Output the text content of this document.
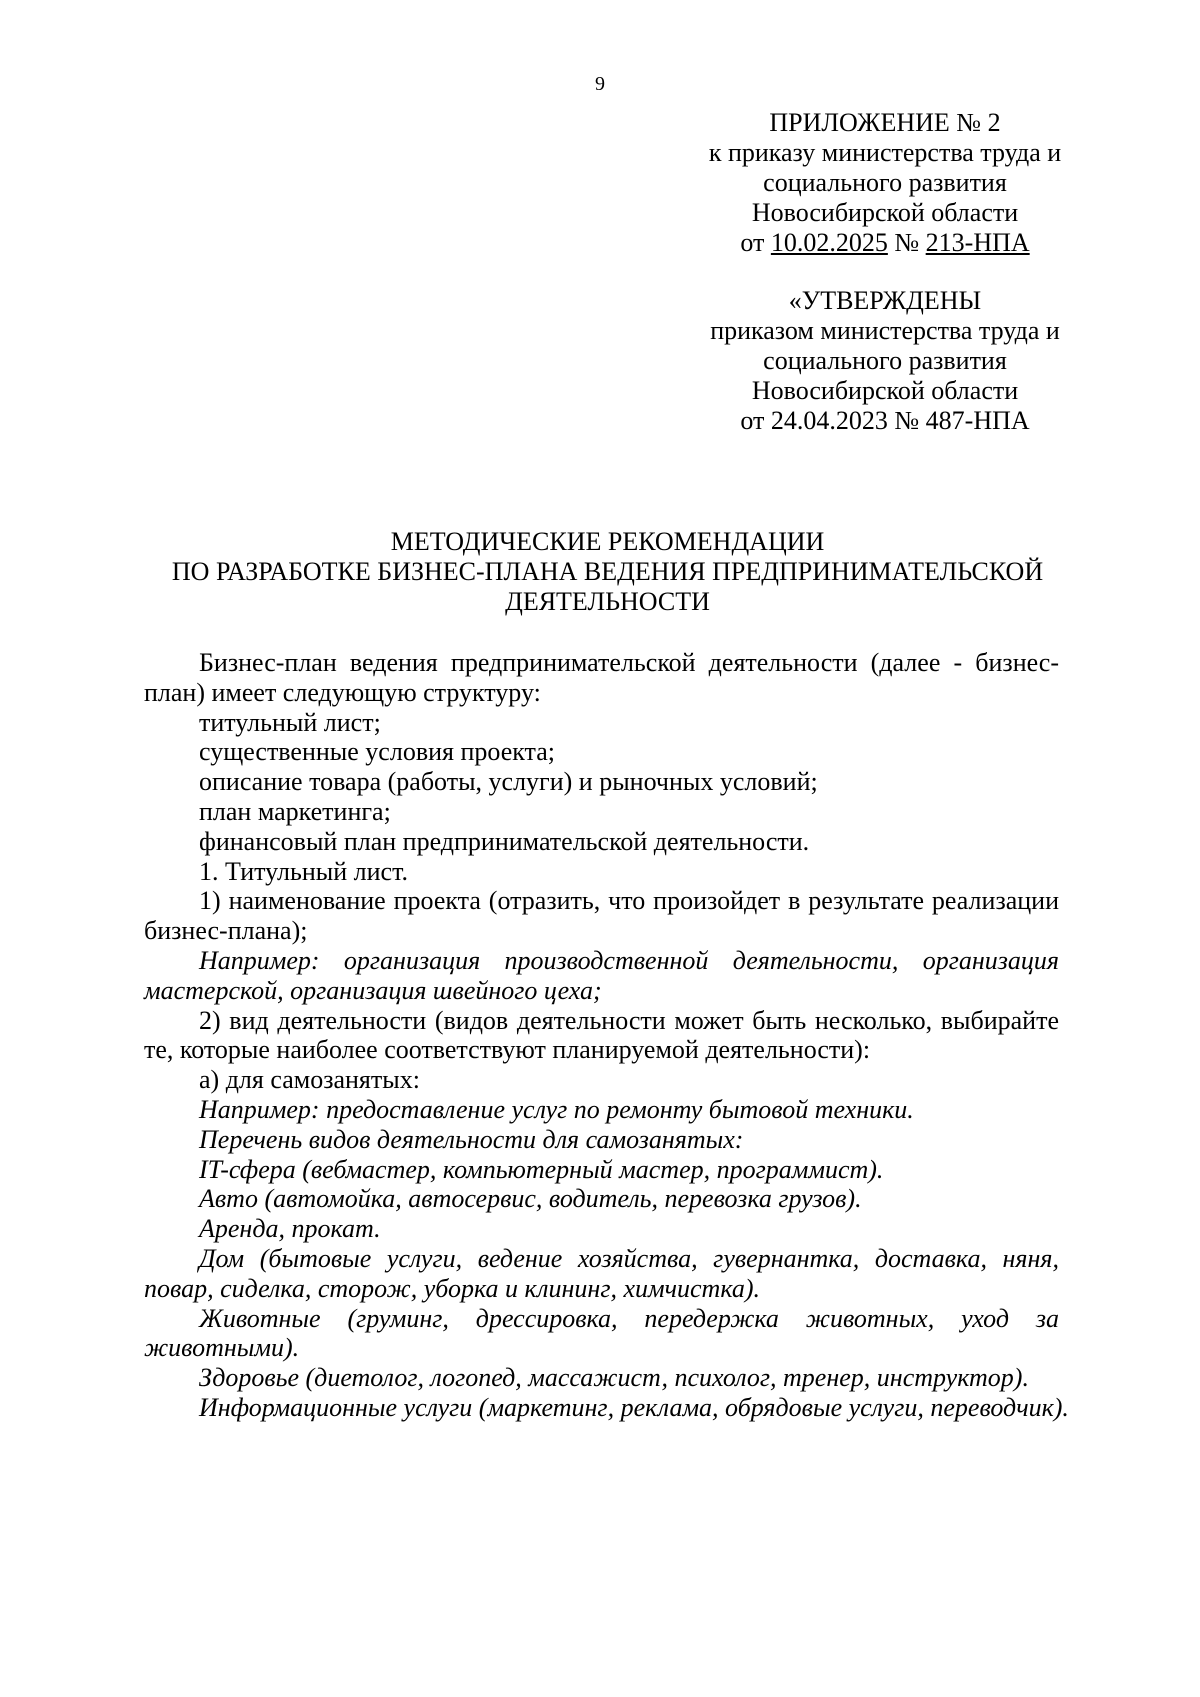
9
ПРИЛОЖЕНИЕ № 2
к приказу министерства труда и
социального развития
Новосибирской области
от 10.02.2025 № 213-НПА
«УТВЕРЖДЕНЫ
приказом министерства труда и
социального развития
Новосибирской области
от 24.04.2023 № 487-НПА
МЕТОДИЧЕСКИЕ РЕКОМЕНДАЦИИ
ПО РАЗРАБОТКЕ БИЗНЕС-ПЛАНА ВЕДЕНИЯ ПРЕДПРИНИМАТЕЛЬСКОЙ
ДЕЯТЕЛЬНОСТИ

Бизнес-план ведения предпринимательской деятельности (далее - бизнес-план) имеет следующую структуру:

титульный лист;

существенные условия проекта;

описание товара (работы, услуги) и рыночных условий;

план маркетинга;

финансовый план предпринимательской деятельности.

1. Титульный лист.

1) наименование проекта (отразить, что произойдет в результате реализации бизнес-плана);

Например: организация производственной деятельности, организация мастерской, организация швейного цеха;

2) вид деятельности (видов деятельности может быть несколько, выбирайте те, которые наиболее соответствуют планируемой деятельности):

а) для самозанятых:

Например: предоставление услуг по ремонту бытовой техники.

Перечень видов деятельности для самозанятых:

IT-сфера (вебмастер, компьютерный мастер, программист).

Авто (автомойка, автосервис, водитель, перевозка грузов).

Аренда, прокат.

Дом (бытовые услуги, ведение хозяйства, гувернантка, доставка, няня, повар, сиделка, сторож, уборка и клининг, химчистка).

Животные (груминг, дрессировка, передержка животных, уход за животными).

Здоровье (диетолог, логопед, массажист, психолог, тренер, инструктор).

Информационные услуги (маркетинг, реклама, обрядовые услуги, переводчик).
